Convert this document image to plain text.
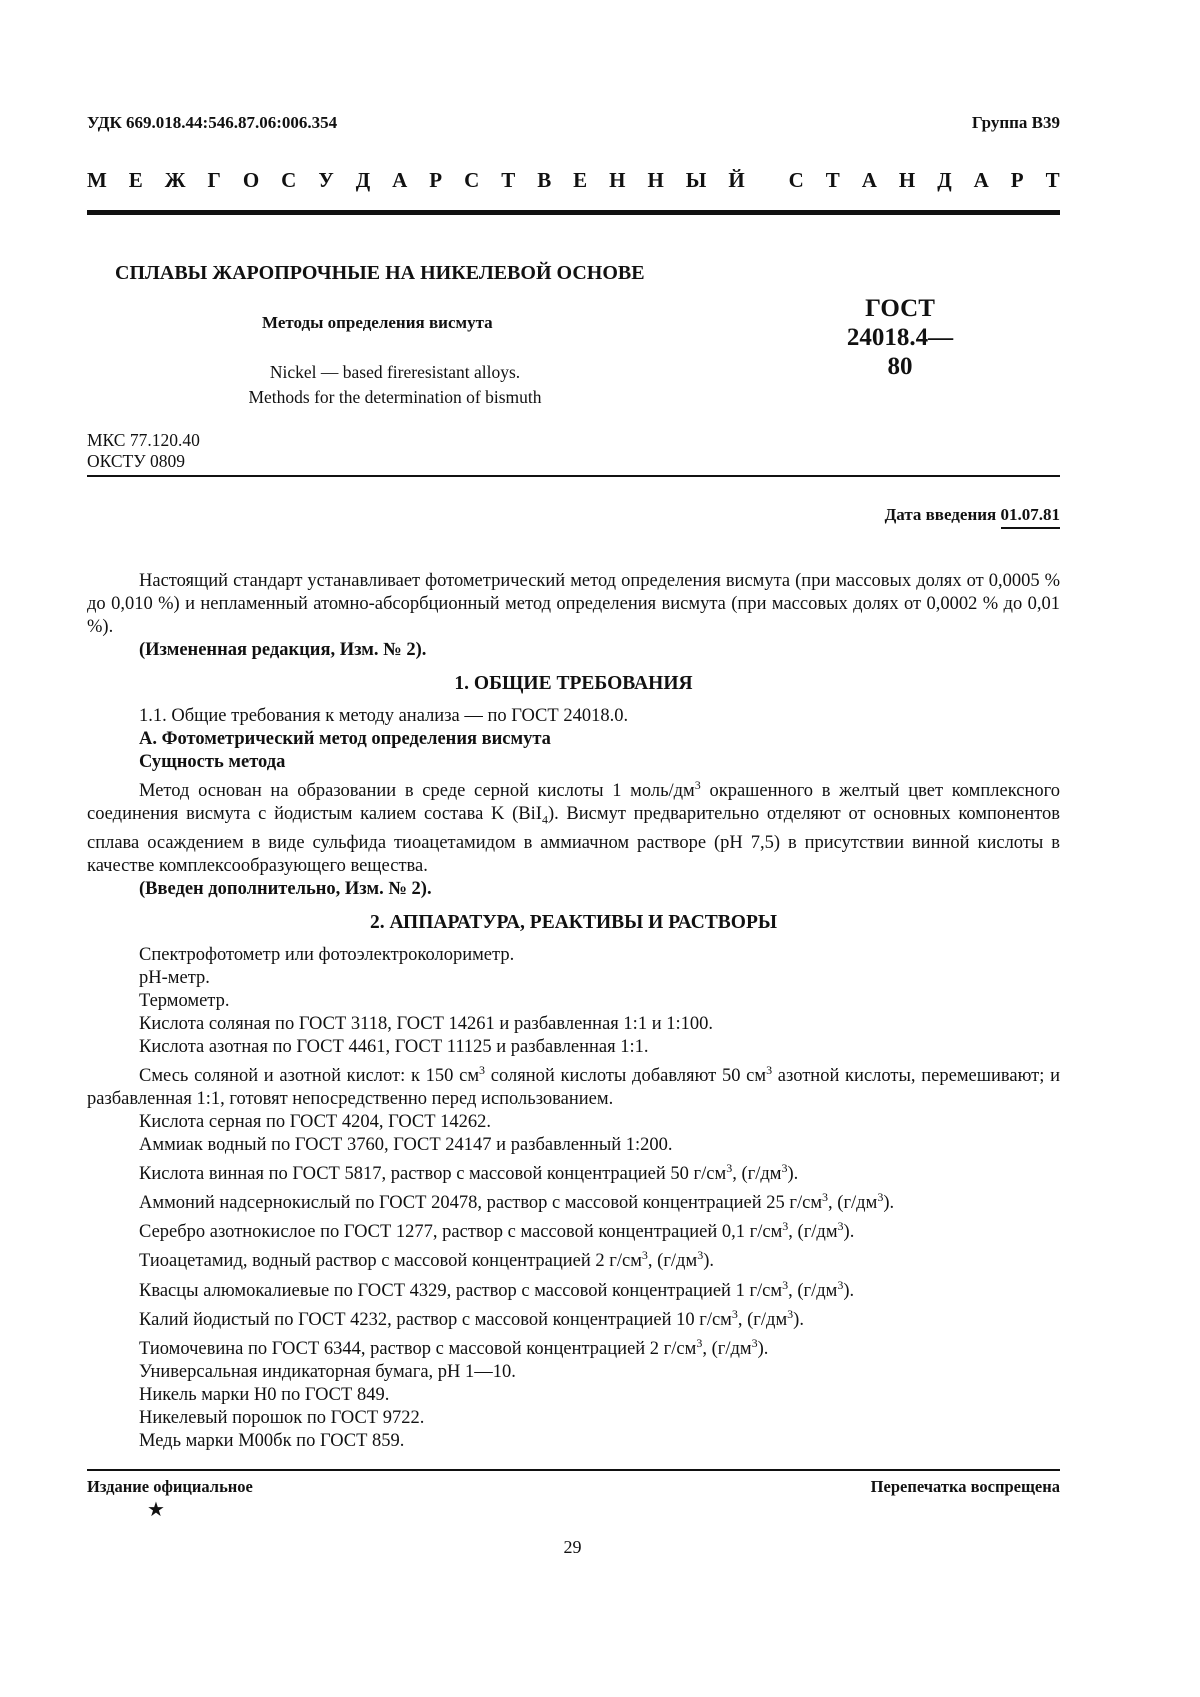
УДК 669.018.44:546.87.06:006.354	Группа В39
М Е Ж Г О С У Д А Р С Т В Е Н Н Ы Й С Т А Н Д А Р Т
СПЛАВЫ ЖАРОПРОЧНЫЕ НА НИКЕЛЕВОЙ ОСНОВЕ
Методы определения висмута
ГОСТ
24018.4—80
Nickel — based fireresistant alloys.
Methods for the determination of bismuth
МКС 77.120.40
ОКСТУ 0809
Дата введения 01.07.81

Настоящий стандарт устанавливает фотометрический метод определения висмута (при массовых долях от 0,0005 % до 0,010 %) и непламенный атомно-абсорбционный метод определения висмута (при массовых долях от 0,0002 % до 0,01 %).

(Измененная редакция, Изм. № 2).

1. ОБЩИЕ ТРЕБОВАНИЯ

1.1. Общие требования к методу анализа — по ГОСТ 24018.0.

А. Фотометрический метод определения висмута

Сущность метода

Метод основан на образовании в среде серной кислоты 1 моль/$дм^3$ окрашенного в желтый цвет комплексного соединения висмута с йодистым калием состава K (BiI$_4$). Висмут предварительно отделяют от основных компонентов сплава осаждением в виде сульфида тиоацетамидом в аммиачном растворе (pH 7,5) в присутствии винной кислоты в качестве комплексообразующего вещества.

(Введен дополнительно, Изм. № 2).

2. АППАРАТУРА, РЕАКТИВЫ И РАСТВОРЫ

Спектрофотометр или фотоэлектроколориметр.

pH-метр.

Термометр.

Кислота соляная по ГОСТ 3118, ГОСТ 14261 и разбавленная 1:1 и 1:100.

Кислота азотная по ГОСТ 4461, ГОСТ 11125 и разбавленная 1:1.

Смесь соляной и азотной кислот: к 150 $см^3$ соляной кислоты добавляют 50 $см^3$ азотной кислоты, перемешивают; и разбавленная 1:1, готовят непосредственно перед использованием.

Кислота серная по ГОСТ 4204, ГОСТ 14262.

Аммиак водный по ГОСТ 3760, ГОСТ 24147 и разбавленный 1:200.

Кислота винная по ГОСТ 5817, раствор с массовой концентрацией 50 $г/см^3$, $(г/дм^3)$.

Аммоний надсернокислый по ГОСТ 20478, раствор с массовой концентрацией 25 $г/см^3$, $(г/дм^3)$.

Серебро азотнокислое по ГОСТ 1277, раствор с массовой концентрацией 0,1 $г/см^3$, $(г/дм^3)$.

Тиоацетамид, водный раствор с массовой концентрацией 2 $г/см^3$, $(г/дм^3)$.

Квасцы алюмокалиевые по ГОСТ 4329, раствор с массовой концентрацией 1 $г/см^3$, $(г/дм^3)$.

Калий йодистый по ГОСТ 4232, раствор с массовой концентрацией 10 $г/см^3$, $(г/дм^3)$.

Тиомочевина по ГОСТ 6344, раствор с массовой концентрацией 2 $г/см^3$, $(г/дм^3)$.

Универсальная индикаторная бумага, pH 1—10.

Никель марки Н0 по ГОСТ 849.

Никелевый порошок по ГОСТ 9722.

Медь марки М00бк по ГОСТ 859.

Издание официальное
★
Перепечатка воспрещена
29
